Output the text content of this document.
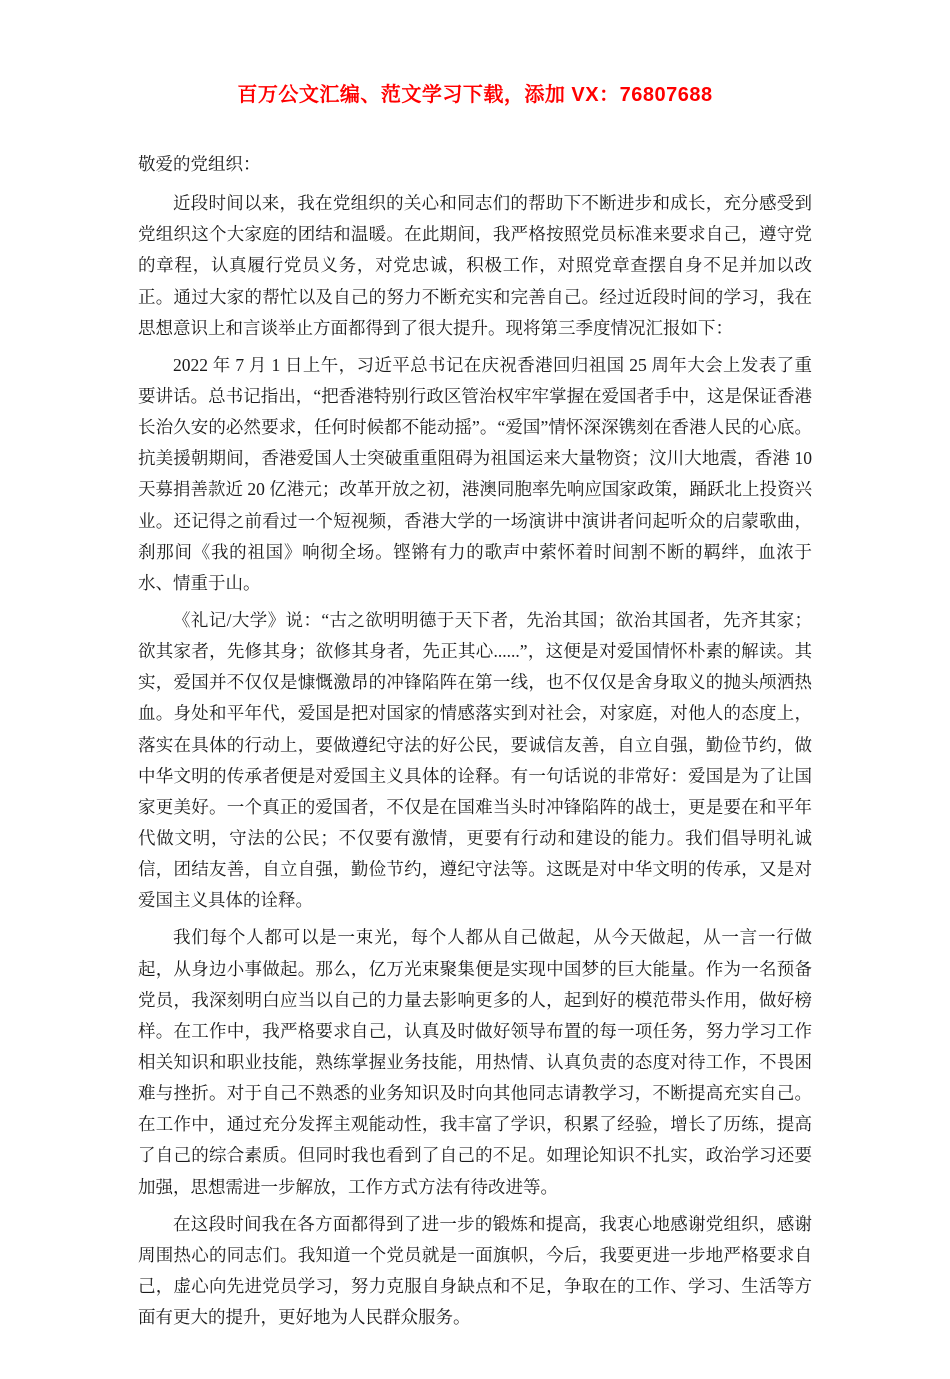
百万公文汇编、范文学习下载，添加 VX：76807688

敬爱的党组织：

近段时间以来，我在党组织的关心和同志们的帮助下不断进步和成长，充分感受到党组织这个大家庭的团结和温暖。在此期间，我严格按照党员标准来要求自己，遵守党的章程，认真履行党员义务，对党忠诚，积极工作，对照党章查摆自身不足并加以改正。通过大家的帮忙以及自己的努力不断充实和完善自己。经过近段时间的学习，我在思想意识上和言谈举止方面都得到了很大提升。现将第三季度情况汇报如下：

2022 年 7 月 1 日上午，习近平总书记在庆祝香港回归祖国 25 周年大会上发表了重要讲话。总书记指出，“把香港特别行政区管治权牢牢掌握在爱国者手中，这是保证香港长治久安的必然要求，任何时候都不能动摇”。“爱国”情怀深深镌刻在香港人民的心底。抗美援朝期间，香港爱国人士突破重重阻碍为祖国运来大量物资；汶川大地震，香港 10 天募捐善款近 20 亿港元；改革开放之初，港澳同胞率先响应国家政策，踊跃北上投资兴业。还记得之前看过一个短视频，香港大学的一场演讲中演讲者问起听众的启蒙歌曲，刹那间《我的祖国》响彻全场。铿锵有力的歌声中萦怀着时间割不断的羁绊，血浓于水、情重于山。

《礼记/大学》说：“古之欲明明德于天下者，先治其国；欲治其国者，先齐其家；欲其家者，先修其身；欲修其身者，先正其心......”，这便是对爱国情怀朴素的解读。其实，爱国并不仅仅是慷慨激昂的冲锋陷阵在第一线，也不仅仅是舍身取义的抛头颅洒热血。身处和平年代，爱国是把对国家的情感落实到对社会，对家庭，对他人的态度上，落实在具体的行动上，要做遵纪守法的好公民，要诚信友善，自立自强，勤俭节约，做中华文明的传承者便是对爱国主义具体的诠释。有一句话说的非常好：爱国是为了让国家更美好。一个真正的爱国者，不仅是在国难当头时冲锋陷阵的战士，更是要在和平年代做文明，守法的公民；不仅要有激情，更要有行动和建设的能力。我们倡导明礼诚信，团结友善，自立自强，勤俭节约，遵纪守法等。这既是对中华文明的传承，又是对爱国主义具体的诠释。

我们每个人都可以是一束光，每个人都从自己做起，从今天做起，从一言一行做起，从身边小事做起。那么，亿万光束聚集便是实现中国梦的巨大能量。作为一名预备党员，我深刻明白应当以自己的力量去影响更多的人，起到好的模范带头作用，做好榜样。在工作中，我严格要求自己，认真及时做好领导布置的每一项任务，努力学习工作相关知识和职业技能，熟练掌握业务技能，用热情、认真负责的态度对待工作，不畏困难与挫折。对于自己不熟悉的业务知识及时向其他同志请教学习，不断提高充实自己。在工作中，通过充分发挥主观能动性，我丰富了学识，积累了经验，增长了历练，提高了自己的综合素质。但同时我也看到了自己的不足。如理论知识不扎实，政治学习还要加强，思想需进一步解放，工作方式方法有待改进等。

在这段时间我在各方面都得到了进一步的锻炼和提高，我衷心地感谢党组织，感谢周围热心的同志们。我知道一个党员就是一面旗帜，今后，我要更进一步地严格要求自己，虚心向先进党员学习，努力克服自身缺点和不足，争取在的工作、学习、生活等方面有更大的提升，更好地为人民群众服务。
